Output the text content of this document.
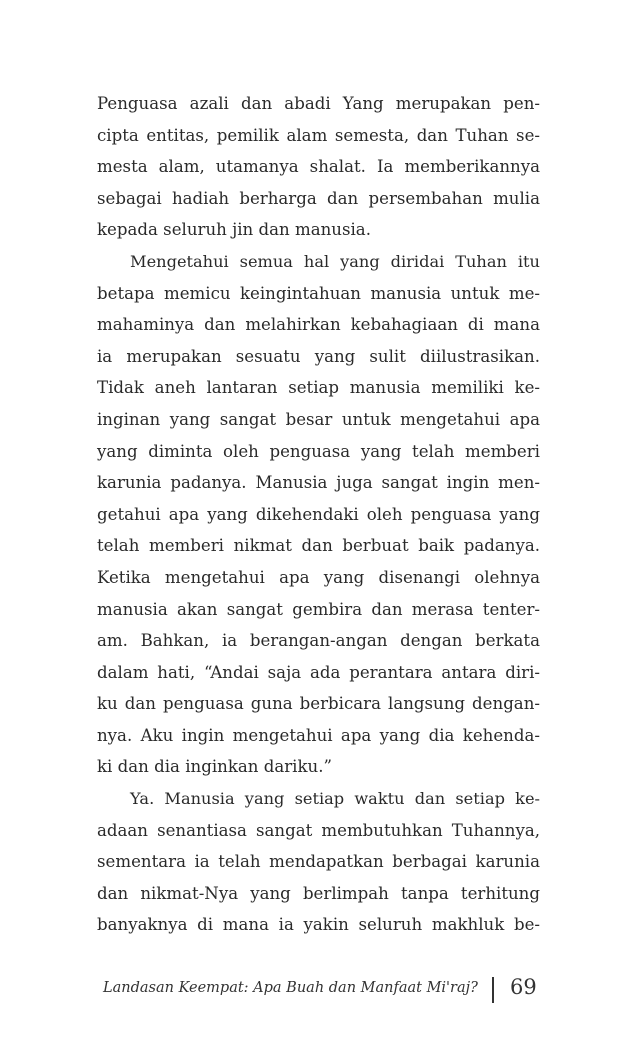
Penguasa azali dan abadi Yang merupakan pen-
cipta entitas, pemilik alam semesta, dan Tuhan se-
mesta alam, utamanya shalat. Ia memberikannya
sebagai hadiah berharga dan persembahan mulia
kepada seluruh jin dan manusia.
Mengetahui semua hal yang diridai Tuhan itu
betapa memicu keingintahuan manusia untuk me-
mahaminya dan melahirkan kebahagiaan di mana
ia merupakan sesuatu yang sulit diilustrasikan.
Tidak aneh lantaran setiap manusia memiliki ke-
inginan yang sangat besar untuk mengetahui apa
yang diminta oleh penguasa yang telah memberi
karunia padanya. Manusia juga sangat ingin men-
getahui apa yang dikehendaki oleh penguasa yang
telah memberi nikmat dan berbuat baik padanya.
Ketika mengetahui apa yang disenangi olehnya
manusia akan sangat gembira dan merasa tenter-
am. Bahkan, ia berangan-angan dengan berkata
dalam hati, “Andai saja ada perantara antara diri-
ku dan penguasa guna berbicara langsung dengan-
nya. Aku ingin mengetahui apa yang dia kehenda-
ki dan dia inginkan dariku.”
Ya. Manusia yang setiap waktu dan setiap ke-
adaan senantiasa sangat membutuhkan Tuhannya,
sementara ia telah mendapatkan berbagai karunia
dan nikmat-Nya yang berlimpah tanpa terhitung
banyaknya di mana ia yakin seluruh makhluk be-
Landasan Keempat: Apa Buah dan Manfaat Mi'raj? 69
